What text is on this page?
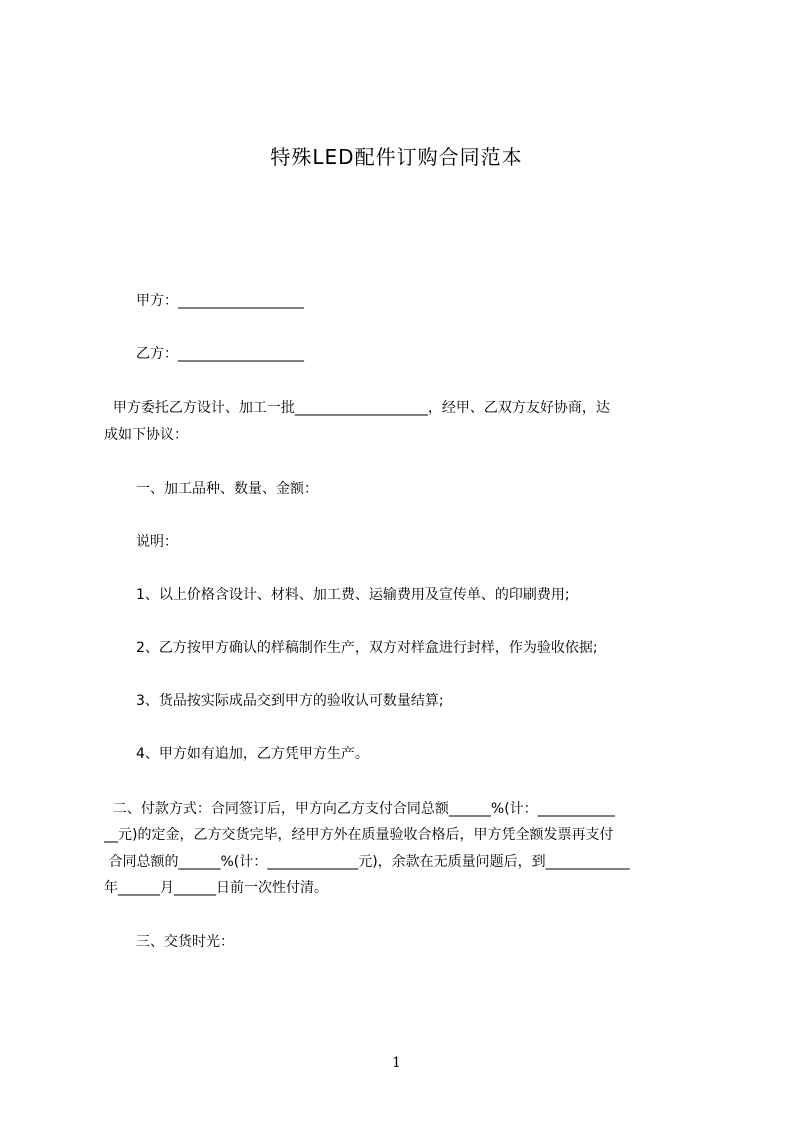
特殊LED配件订购合同范本
甲方：__________________
乙方：__________________
甲方委托乙方设计、加工一批___________________，经甲、乙双方友好协商，达
成如下协议：
一、加工品种、数量、金额：
说明：
1、以上价格含设计、材料、加工费、运输费用及宣传单、的印刷费用;
2、乙方按甲方确认的样稿制作生产，双方对样盒进行封样，作为验收依据;
3、货品按实际成品交到甲方的验收认可数量结算;
4、甲方如有追加，乙方凭甲方生产。
二、付款方式：合同签订后，甲方向乙方支付合同总额______%(计：___________
__元)的定金，乙方交货完毕，经甲方外在质量验收合格后，甲方凭全额发票再支付
合同总额的______%(计：_____________元)，余款在无质量问题后，到____________
年______月______日前一次性付清。
三、交货时光：
1
